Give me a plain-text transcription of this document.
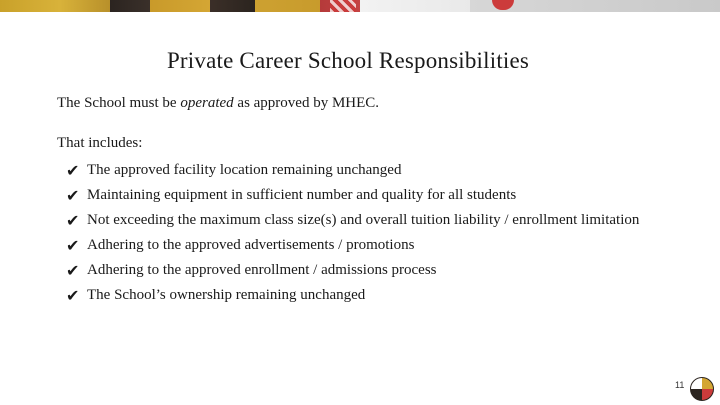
Private Career School Responsibilities
The School must be operated as approved by MHEC.
That includes:
✔ The approved facility location remaining unchanged
✔ Maintaining equipment in sufficient number and quality for all students
✔ Not exceeding the maximum class size(s) and overall tuition liability / enrollment limitation
✔ Adhering to the approved advertisements / promotions
✔ Adhering to the approved enrollment / admissions process
✔ The School’s ownership remaining unchanged
11
